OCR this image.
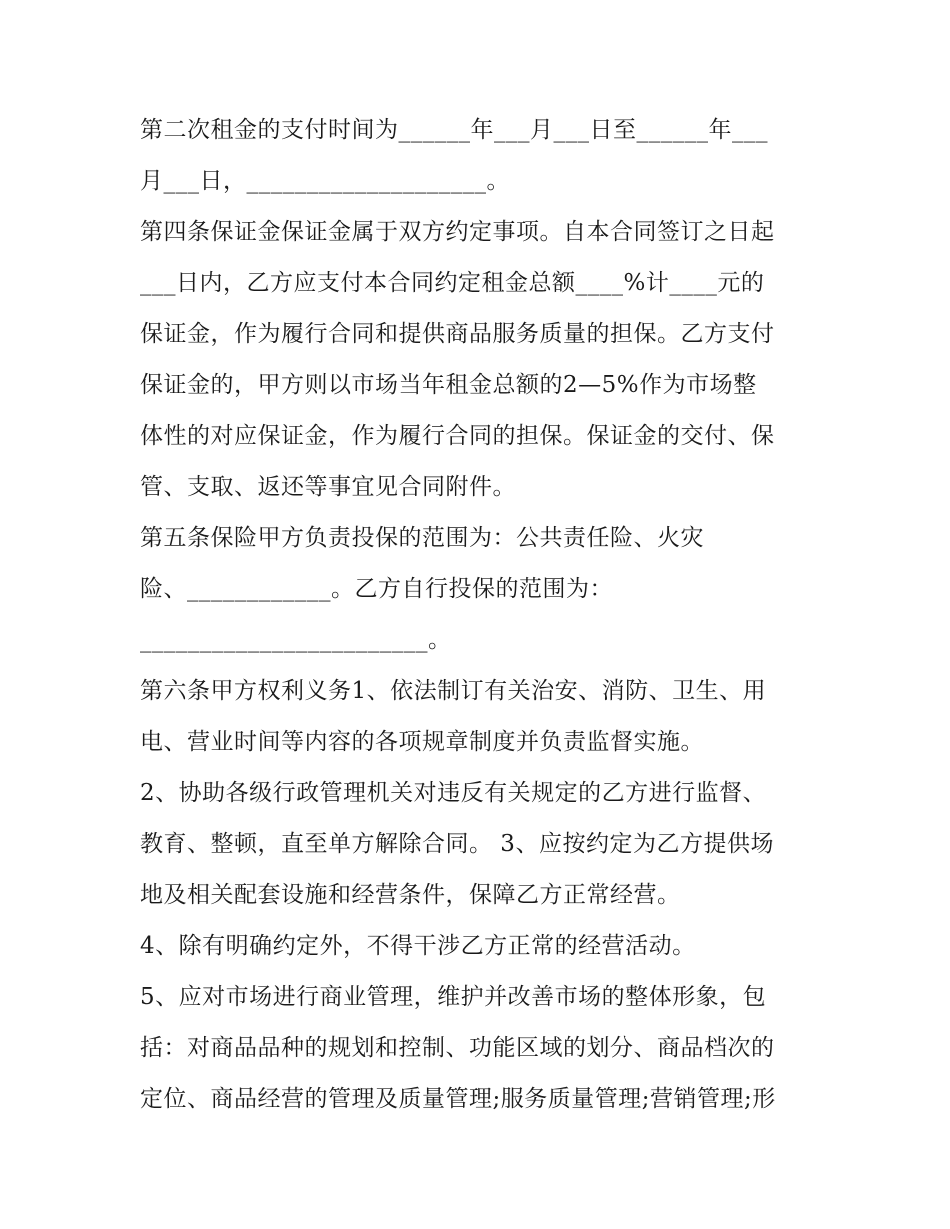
第二次租金的支付时间为______年___月___日至______年___

月___日，____________________。

第四条保证金保证金属于双方约定事项。自本合同签订之日起

___日内，乙方应支付本合同约定租金总额____%计____元的

保证金，作为履行合同和提供商品服务质量的担保。乙方支付

保证金的，甲方则以市场当年租金总额的2—5%作为市场整

体性的对应保证金，作为履行合同的担保。保证金的交付、保

管、支取、返还等事宜见合同附件。

第五条保险甲方负责投保的范围为：公共责任险、火灾

险、____________。乙方自行投保的范围为：

________________________。

第六条甲方权利义务1、依法制订有关治安、消防、卫生、用

电、营业时间等内容的各项规章制度并负责监督实施。

2、协助各级行政管理机关对违反有关规定的乙方进行监督、

教育、整顿，直至单方解除合同。 3、应按约定为乙方提供场

地及相关配套设施和经营条件，保障乙方正常经营。

4、除有明确约定外，不得干涉乙方正常的经营活动。

5、应对市场进行商业管理，维护并改善市场的整体形象，包

括：对商品品种的规划和控制、功能区域的划分、商品档次的

定位、商品经营的管理及质量管理;服务质量管理;营销管理;形
